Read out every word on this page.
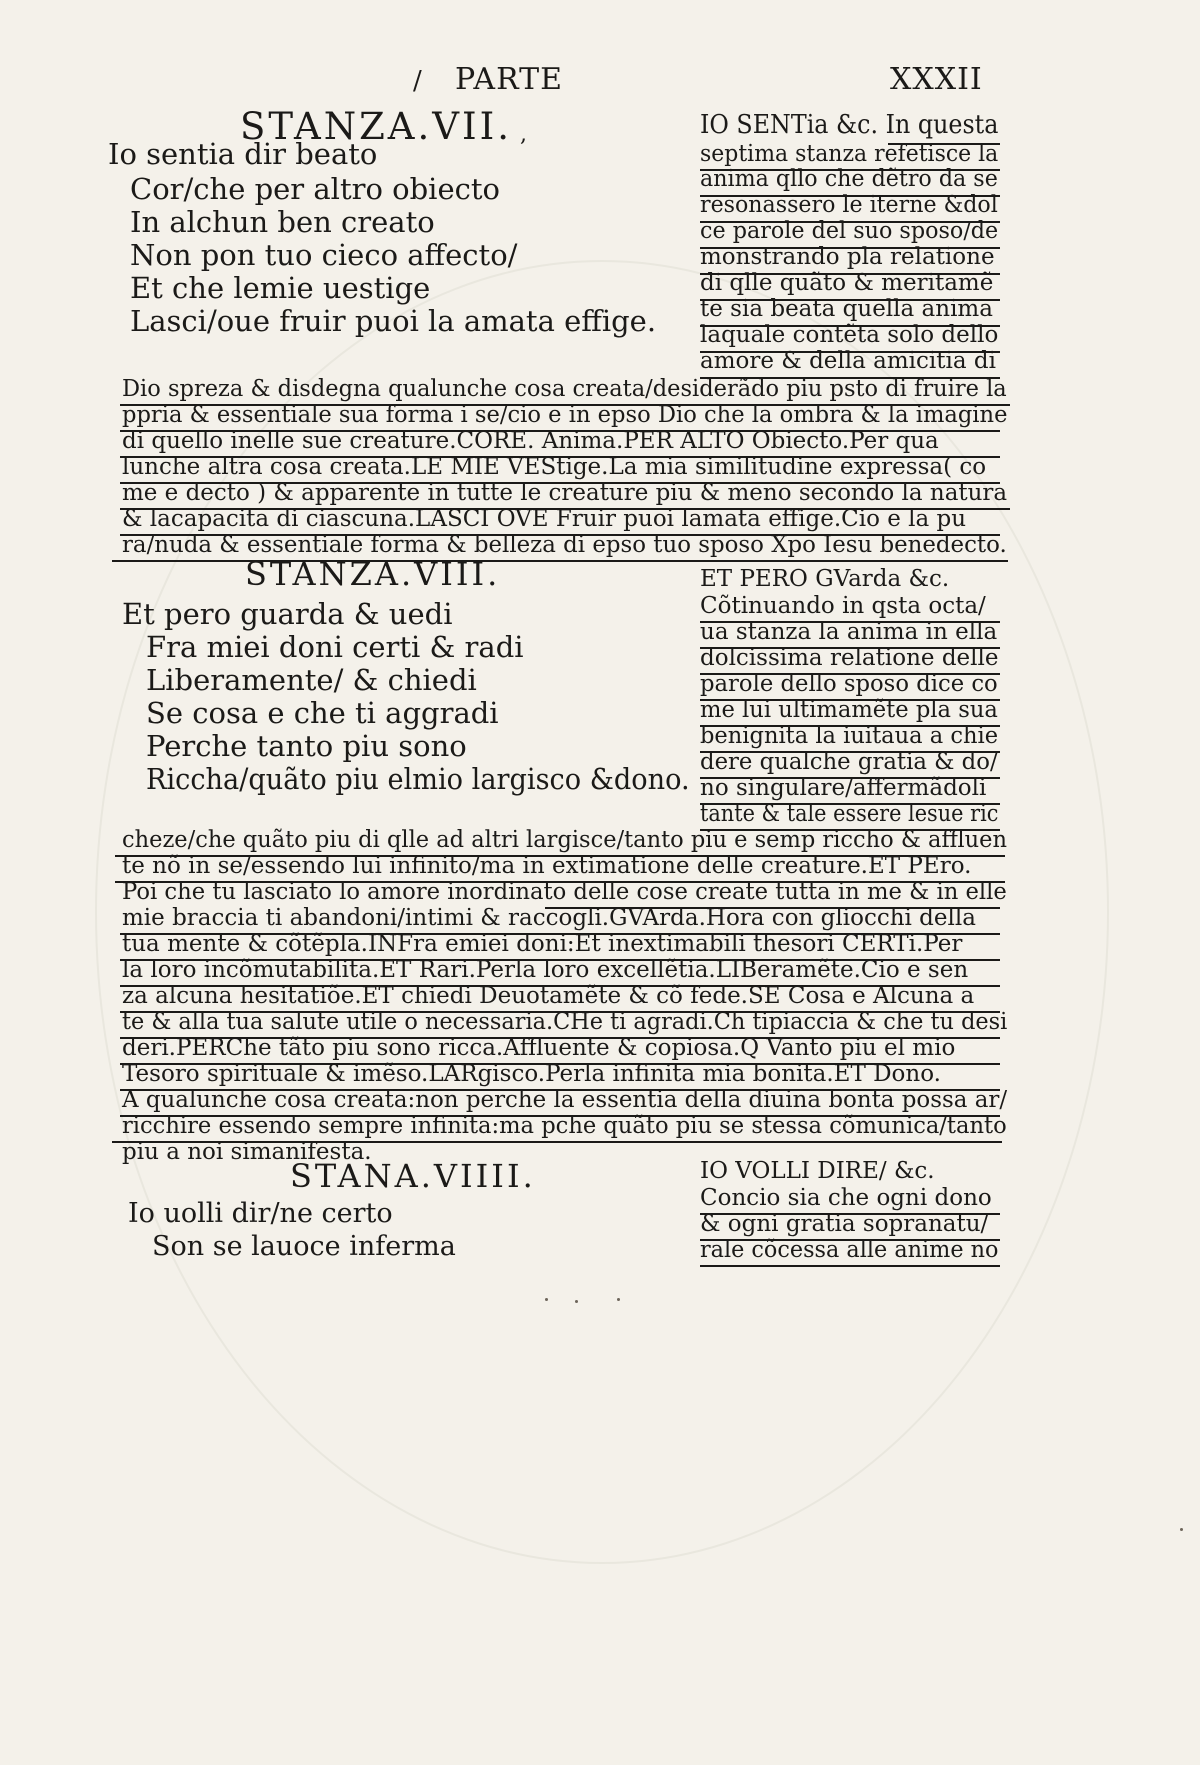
PARTE	XXXII
STANZA.VII.
Io sentia dir beato
Cor/che per altro obiecto
In alchun ben creato
Non pon tuo cieco affecto/
Et che lemie uestige
Lasci/oue fruir puoi la amata effige.
IO SENTia &c. In questa
septima stanza refetisce la
anima qllo che dẽtro da se
resonassero le iterne &dol
ce parole del suo sposo/de
monstrando pla relatione
di qlle quãto & meritamẽ
te sia beata quella anima
laquale contẽta solo dello
amore & della amicitia di
Dio spreza & disdegna qualunche cosa creata/desiderãdo piu psto di fruire la
ppria & essentiale sua forma i se/cio e in epso Dio che la ombra & la imagine
di quello inelle sue creature.CORE. Anima.PER ALTO Obiecto.Per qua
lunche altra cosa creata.LE MIE VEStige.La mia similitudine expressa( co
me e decto ) & apparente in tutte le creature piu & meno secondo la natura
& lacapacita di ciascuna.LASCI OVE Fruir puoi lamata effige.Cio e la pu
ra/nuda & essentiale forma & belleza di epso tuo sposo Xpo Iesu benedecto.
STANZA.VIII.
Et pero guarda & uedi
Fra miei doni certi & radi
Liberamente/ & chiedi
Se cosa e che ti aggradi
Perche tanto piu sono
Riccha/quãto piu elmio largisco &dono.
ET PERO GVarda &c.
Cõtinuando in qsta octa/
ua stanza la anima in ella
dolcissima relatione delle
parole dello sposo dice co
me lui ultimamẽte pla sua
benignita la iuitaua a chie
dere qualche gratia & do/
no singulare/affermãdoli
tante & tale essere lesue ric
cheze/che quãto piu di qlle ad altri largisce/tanto piu e semp riccho & affluen
te nõ in se/essendo lui infinito/ma in extimatione delle creature.ET PEro.
Poi che tu lasciato lo amore inordinato delle cose create tutta in me & in elle
mie braccia ti abandoni/intimi & raccogli.GVArda.Hora con gliocchi della
tua mente & cõtẽpla.INFra emiei doni:Et inextimabili thesori CERTi.Per
la loro incõmutabilita.ET Rari.Perla loro excellẽtia.LIBeramẽte.Cio e sen
za alcuna hesitatiõe.ET chiedi Deuotamẽte & cõ fede.SE Cosa e Alcuna a
te & alla tua salute utile o necessaria.CHe ti agradi.Ch tipiaccia & che tu desi
deri.PERChe tãto piu sono ricca.Affluente & copiosa.Q Vanto piu el mio
Tesoro spirituale & imẽso.LARgisco.Perla infinita mia bonita.ET Dono.
A qualunche cosa creata:non perche la essentia della diuina bonta possa ar/
ricchire essendo sempre infinita:ma pche quãto piu se stessa cõmunica/tanto
piu a noi simanifesta.
STANA.VIIII.
Io uolli dir/ne certo
Son se lauoce inferma
IO VOLLI DIRE/ &c.
Concio sia che ogni dono
& ogni gratia sopranatu/
rale cõcessa alle anime no
/
,
